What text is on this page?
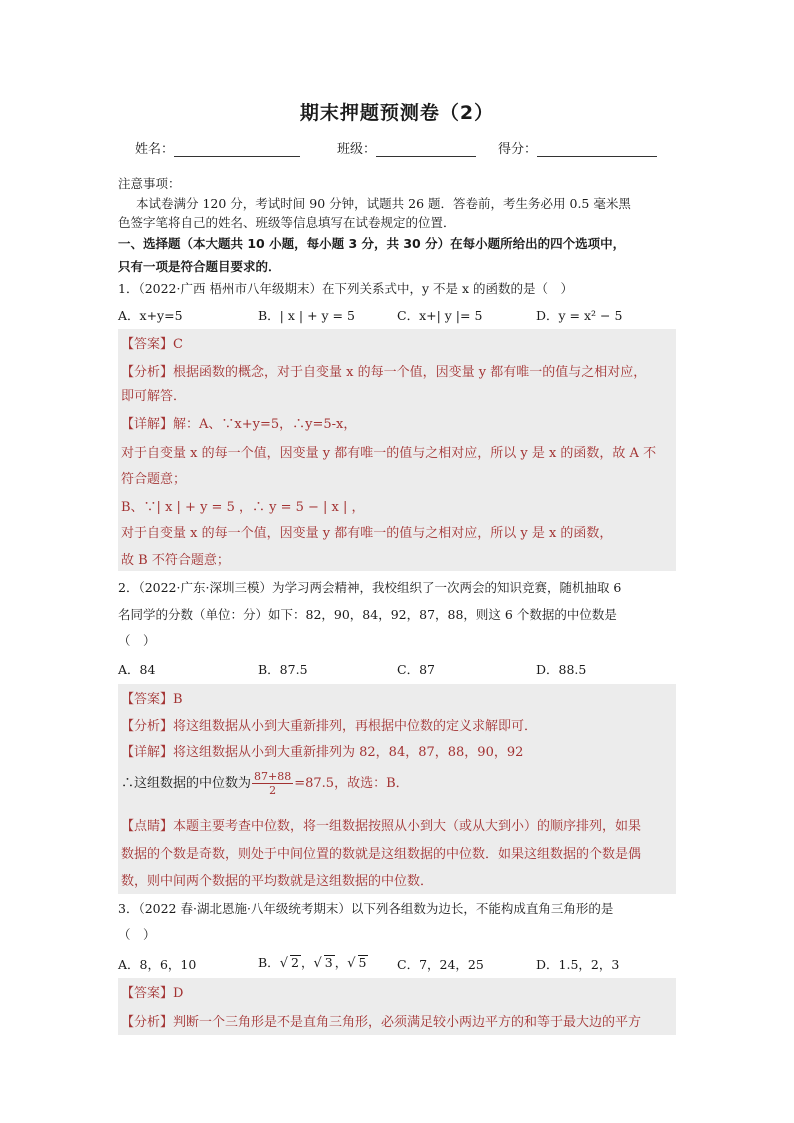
期末押题预测卷（2）
姓名：	班级：	得分：
注意事项：
本试卷满分 120 分，考试时间 90 分钟，试题共 26 题．答卷前，考生务必用 0.5 毫米黑
色签字笔将自己的姓名、班级等信息填写在试卷规定的位置．
一、选择题（本大题共 10 小题，每小题 3 分，共 30 分）在每小题所给出的四个选项中，
只有一项是符合题目要求的．
1．（2022·广西 梧州市八年级期末）在下列关系式中，y 不是 x 的函数的是（　）
A．x+y=5	B．| x | + y = 5	C．x+| y |= 5	D．y = x² − 5
【答案】C
【分析】根据函数的概念，对于自变量 x 的每一个值，因变量 y 都有唯一的值与之相对应，
即可解答．
【详解】解：A、∵x+y=5，∴y=5-x，
对于自变量 x 的每一个值，因变量 y 都有唯一的值与之相对应，所以 y 是 x 的函数，故 A 不
符合题意；
B、∵| x | + y = 5 ，∴ y = 5 − | x | ，
对于自变量 x 的每一个值，因变量 y 都有唯一的值与之相对应，所以 y 是 x 的函数，
故 B 不符合题意；
2．（2022·广东·深圳三模）为学习两会精神，我校组织了一次两会的知识竞赛，随机抽取 6
名同学的分数（单位：分）如下：82，90，84，92，87，88，则这 6 个数据的中位数是
（　）
A．84	B．87.5	C．87	D．88.5
【答案】B
【分析】将这组数据从小到大重新排列，再根据中位数的定义求解即可．
【详解】将这组数据从小到大重新排列为 82，84，87，88，90，92
∴这组数据的中位数为 $\frac{87+88}{2} =87.5$，故选：B．
【点睛】本题主要考查中位数，将一组数据按照从小到大（或从大到小）的顺序排列，如果
数据的个数是奇数，则处于中间位置的数就是这组数据的中位数．如果这组数据的个数是偶
数，则中间两个数据的平均数就是这组数据的中位数．
3．（2022 春·湖北恩施·八年级统考期末）以下列各组数为边长，不能构成直角三角形的是
（　）
A．8，6，10	B．√ 2 ，√ 3 ，√ 5 C．7，24，25	D．1.5，2，3
【答案】D
【分析】判断一个三角形是不是直角三角形，必须满足较小两边平方的和等于最大边的平方
